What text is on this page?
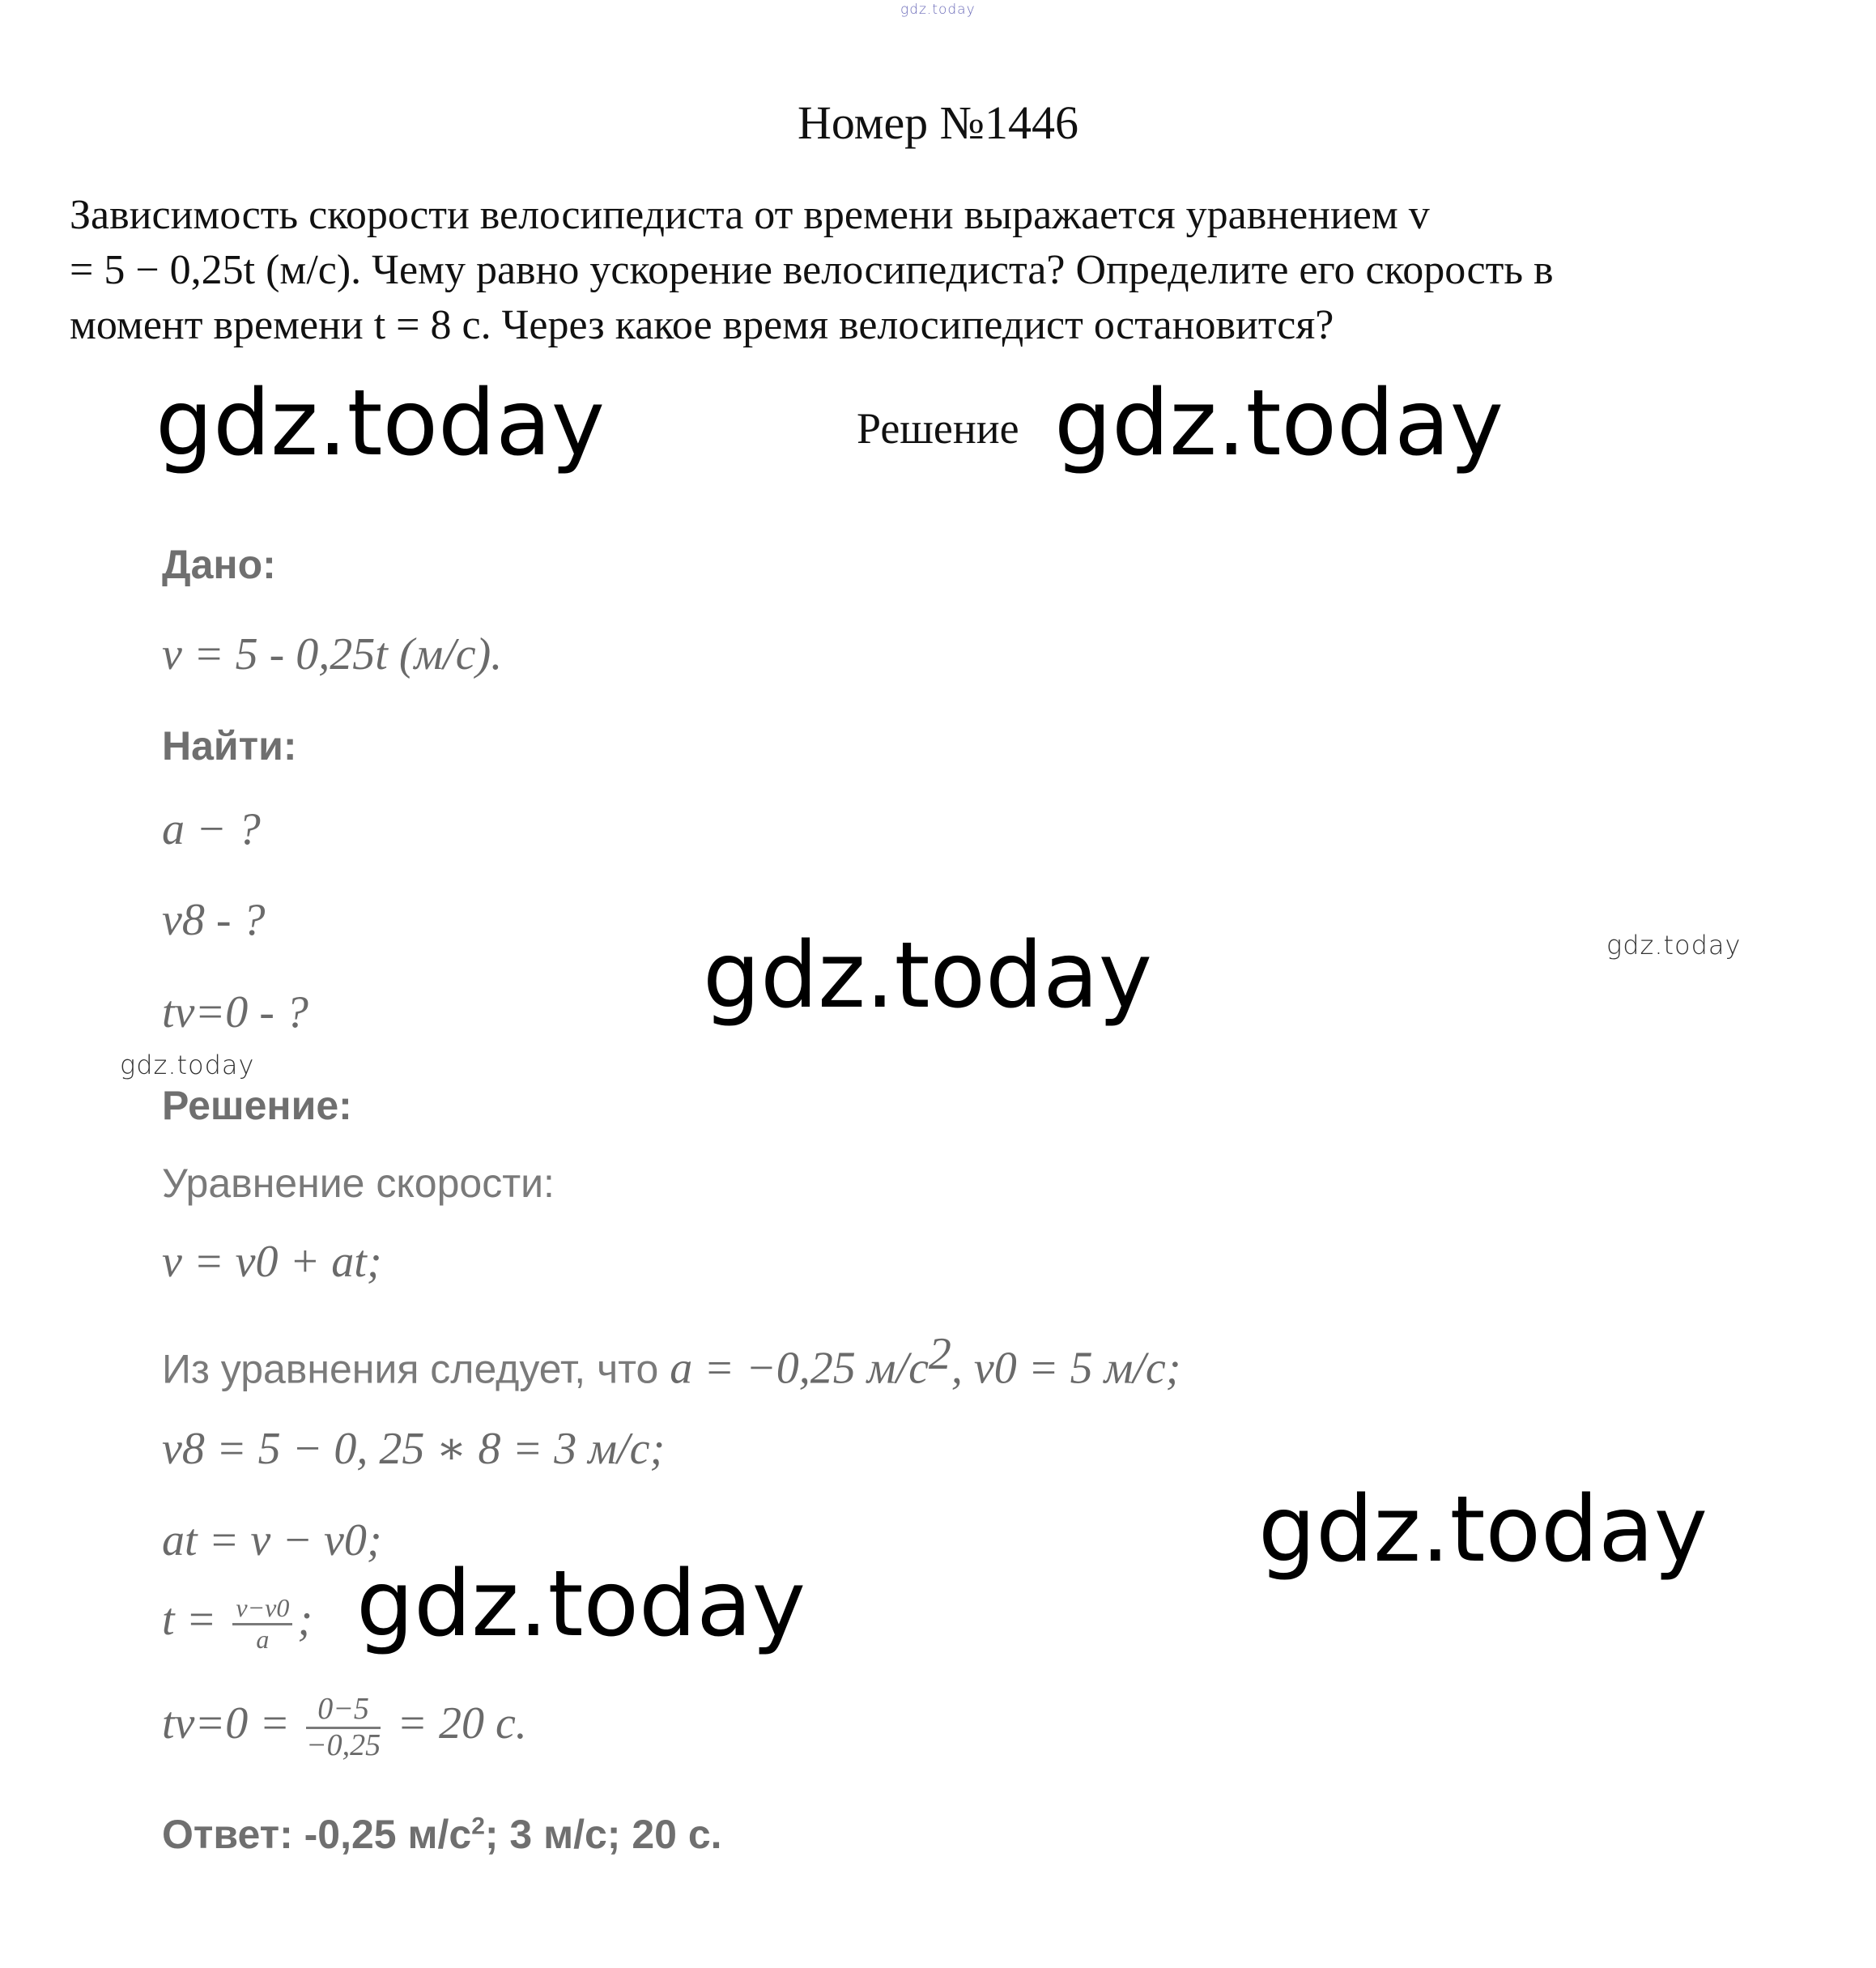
gdz.today
gdz.today	gdz.today
gdz.today
gdz.today
gdz.today
gdz.today
gdz.today
Номер №1446
Зависимость скорости велосипедиста от времени выражается уравнением v
= 5 − 0,25t (м/с). Чему равно ускорение велосипедиста? Определите его скорость в
момент времени t = 8 с. Через какое время велосипедист остановится?
Решение
Дано:
v = 5 - 0,25t (м/с).
Найти:
a − ?
v8 - ?
tv=0 - ?
Решение:
Уравнение скорости:
v = v0 + at;
Из уравнения следует, что a = −0,25 $м/с^2$, v0 = 5 м/с;
v8 = 5 − 0, 25 ∗ 8 = 3 м/с;
at = v − v0;
$t = \frac{v-v0}{a}$ ;
$tv=0 = \frac{0-5}{-0,25} = 20$ с.
Ответ: -0,25 $м/с^2$; 3 м/с; 20 с.
